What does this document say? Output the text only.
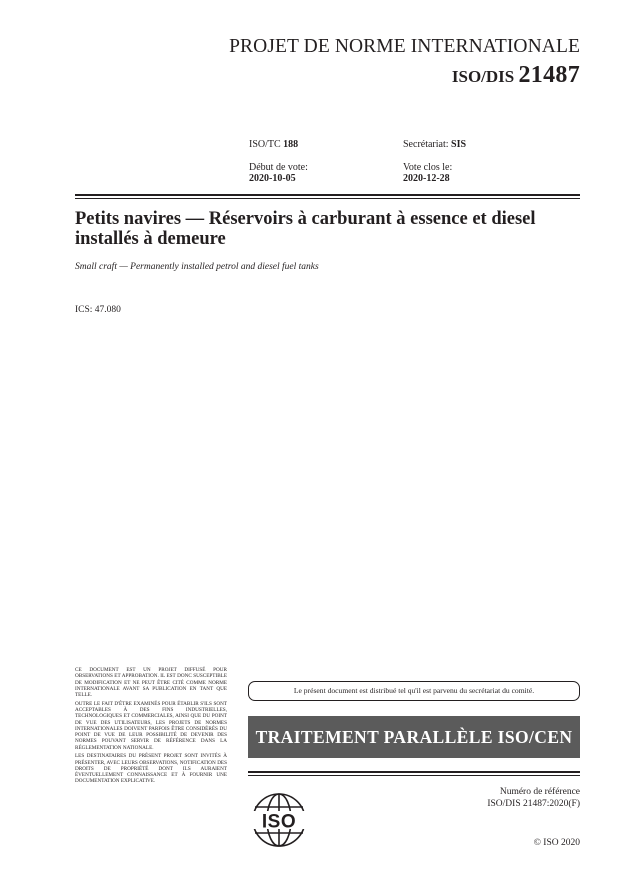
PROJET DE NORME INTERNATIONALE
ISO/DIS 21487
ISO/TC 188	Secrétariat: SIS
Début de vote:
2020-10-05
Vote clos le:
2020-12-28
Petits navires — Réservoirs à carburant à essence et diesel installés à demeure
Small craft — Permanently installed petrol and diesel fuel tanks
ICS: 47.080

CE DOCUMENT EST UN PROJET DIFFUSÉ POUR OBSERVATIONS ET APPROBATION. IL EST DONC SUSCEPTIBLE DE MODIFICATION ET NE PEUT ÊTRE CITÉ COMME NORME INTERNATIONALE AVANT SA PUBLICATION EN TANT QUE TELLE.

OUTRE LE FAIT D'ÊTRE EXAMINÉS POUR ÉTABLIR S'ILS SONT ACCEPTABLES À DES FINS INDUSTRIELLES, TECHNOLOGIQUES ET COMMERCIALES, AINSI QUE DU POINT DE VUE DES UTILISATEURS, LES PROJETS DE NORMES INTERNATIONALES DOIVENT PARFOIS ÊTRE CONSIDÉRÉS DU POINT DE VUE DE LEUR POSSIBILITÉ DE DEVENIR DES NORMES POUVANT SERVIR DE RÉFÉRENCE DANS LA RÉGLEMENTATION NATIONALE.

LES DESTINATAIRES DU PRÉSENT PROJET SONT INVITÉS À PRÉSENTER, AVEC LEURS OBSERVATIONS, NOTIFICATION DES DROITS DE PROPRIÉTÉ DONT ILS AURAIENT ÉVENTUELLEMENT CONNAISSANCE ET À FOURNIR UNE DOCUMENTATION EXPLICATIVE.

Le présent document est distribué tel qu'il est parvenu du secrétariat du comité.
TRAITEMENT PARALLÈLE ISO/CEN
ISO
Numéro de référence
ISO/DIS 21487:2020(F)
© ISO 2020
